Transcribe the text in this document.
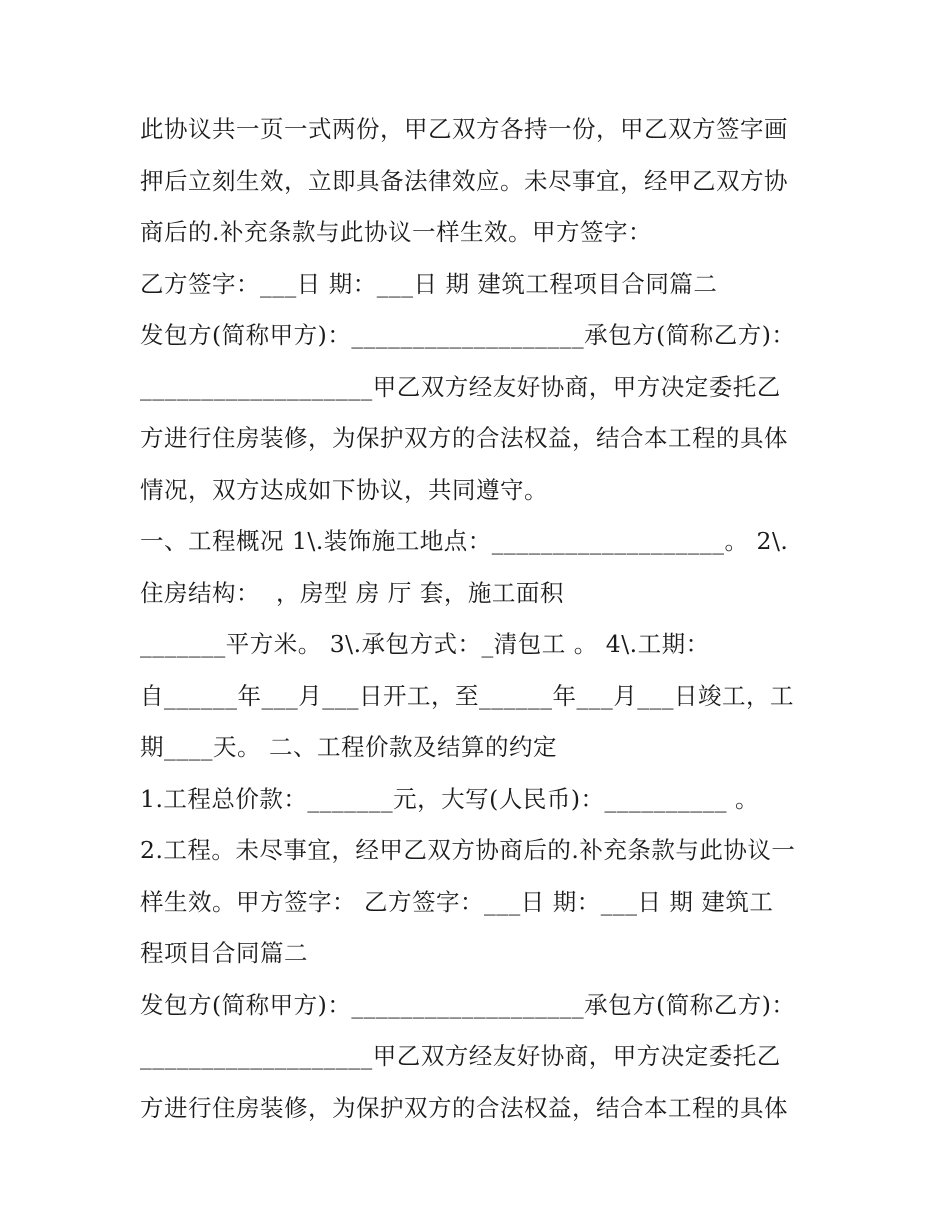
此协议共一页一式两份，甲乙双方各持一份，甲乙双方签字画
押后立刻生效，立即具备法律效应。未尽事宜，经甲乙双方协
商后的.补充条款与此协议一样生效。甲方签字：
乙方签字：___日 期：___日 期 建筑工程项目合同篇二
发包方(简称甲方)：___________________承包方(简称乙方)：
___________________甲乙双方经友好协商，甲方决定委托乙
方进行住房装修，为保护双方的合法权益，结合本工程的具体
情况，双方达成如下协议，共同遵守。
一、工程概况 1\.装饰施工地点：___________________。 2\.
住房结构：  ，房型 房 厅 套，施工面积
_______平方米。 3\.承包方式：_清包工 。 4\.工期：
自______年___月___日开工，至______年___月___日竣工，工
期____天。 二、工程价款及结算的约定
1.工程总价款：_______元，大写(人民币)：__________ 。
2.工程。未尽事宜，经甲乙双方协商后的.补充条款与此协议一
样生效。甲方签字： 乙方签字：___日 期：___日 期 建筑工
程项目合同篇二
发包方(简称甲方)：___________________承包方(简称乙方)：
___________________甲乙双方经友好协商，甲方决定委托乙
方进行住房装修，为保护双方的合法权益，结合本工程的具体
